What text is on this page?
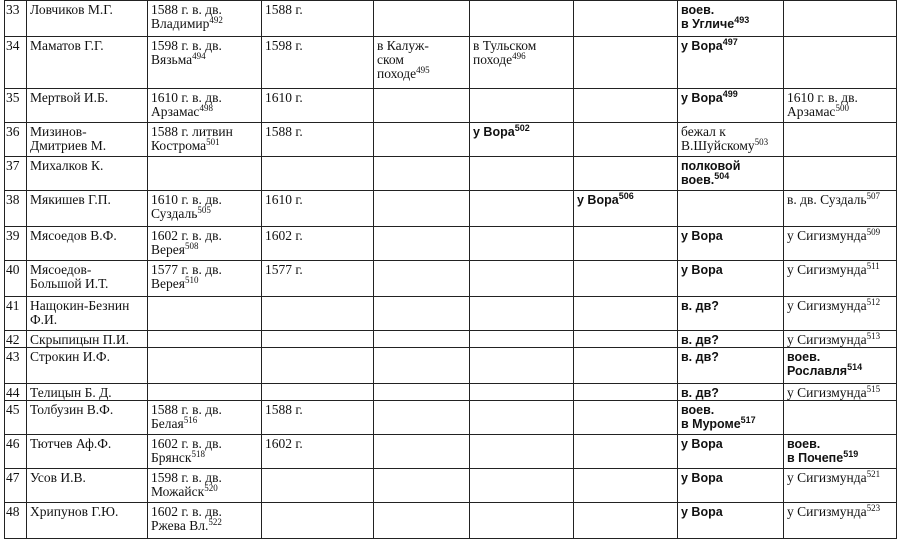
33	Ловчиков М.Г.	1588 г. в. дв.
Владимир$^{492}$	1588 г.				воев.
в Угличе$^{493}$

34	Маматов Г.Г.	1598 г. в. дв.
Вязьма$^{494}$	1598 г.	в Калуж-
ском
походе$^{495}$	в Тульском
походе$^{496}$		у Вора$^{497}$

35	Мертвой И.Б.	1610 г. в. дв.
Арзамас$^{498}$	1610 г.				у Вора$^{499}$	1610 г. в. дв.
Арзамас$^{500}$

36	Мизинов-
Дмитриев М.	1588 г. литвин
Кострома$^{501}$	1588 г.		у Вора$^{502}$		бежал к
В.Шуйскому$^{503}$

37	Михалков К.						полковой
воев.$^{504}$

38	Мякишев Г.П.	1610 г. в. дв.
Суздаль$^{505}$	1610 г.			у Вора$^{506}$		в. дв. Суздаль$^{507}$

39	Мясоедов В.Ф.	1602 г. в. дв.
Верея$^{508}$	1602 г.				у Вора	у Сигизмунда$^{509}$

40	Мясоедов-
Большой И.Т.	1577 г. в. дв.
Верея$^{510}$	1577 г.				у Вора	у Сигизмунда$^{511}$

41	Нащокин-Безнин
Ф.И.						в. дв?	у Сигизмунда$^{512}$

42	Скрыпицын П.И.						в. дв?	у Сигизмунда$^{513}$

43	Строкин И.Ф.						в. дв?	воев.
Рославля$^{514}$

44	Телицын Б. Д.						в. дв?	у Сигизмунда$^{515}$

45	Толбузин В.Ф.	1588 г. в. дв.
Белая$^{516}$	1588 г.				воев.
в Муроме$^{517}$

46	Тютчев Аф.Ф.	1602 г. в. дв.
Брянск$^{518}$	1602 г.				у Вора	воев.
в Почепе$^{519}$

47	Усов И.В.	1598 г. в. дв.
Можайск$^{520}$					у Вора	у Сигизмунда$^{521}$

48	Хрипунов Г.Ю.	1602 г. в. дв.
Ржева Вл.$^{522}$					у Вора	у Сигизмунда$^{523}$
